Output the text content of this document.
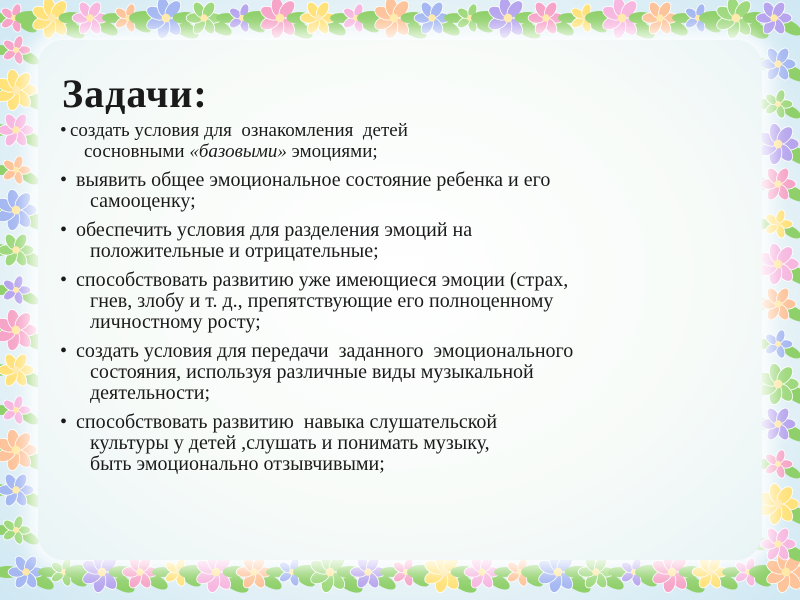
Задачи:
• создать условия для  ознакомления  детей
сосновными «базовыми» эмоциями;
• выявить общее эмоциональное состояние ребенка и его
самооценку;
• обеспечить условия для разделения эмоций на
положительные и отрицательные;
• способствовать развитию уже имеющиеся эмоции (страх,
гнев, злобу и т. д., препятствующие его полноценному
личностному росту;
• создать условия для передачи  заданного  эмоционального
состояния, используя различные виды музыкальной
деятельности;
• способствовать развитию  навыка слушательской
культуры у детей ,слушать и понимать музыку,
быть эмоционально отзывчивыми;
